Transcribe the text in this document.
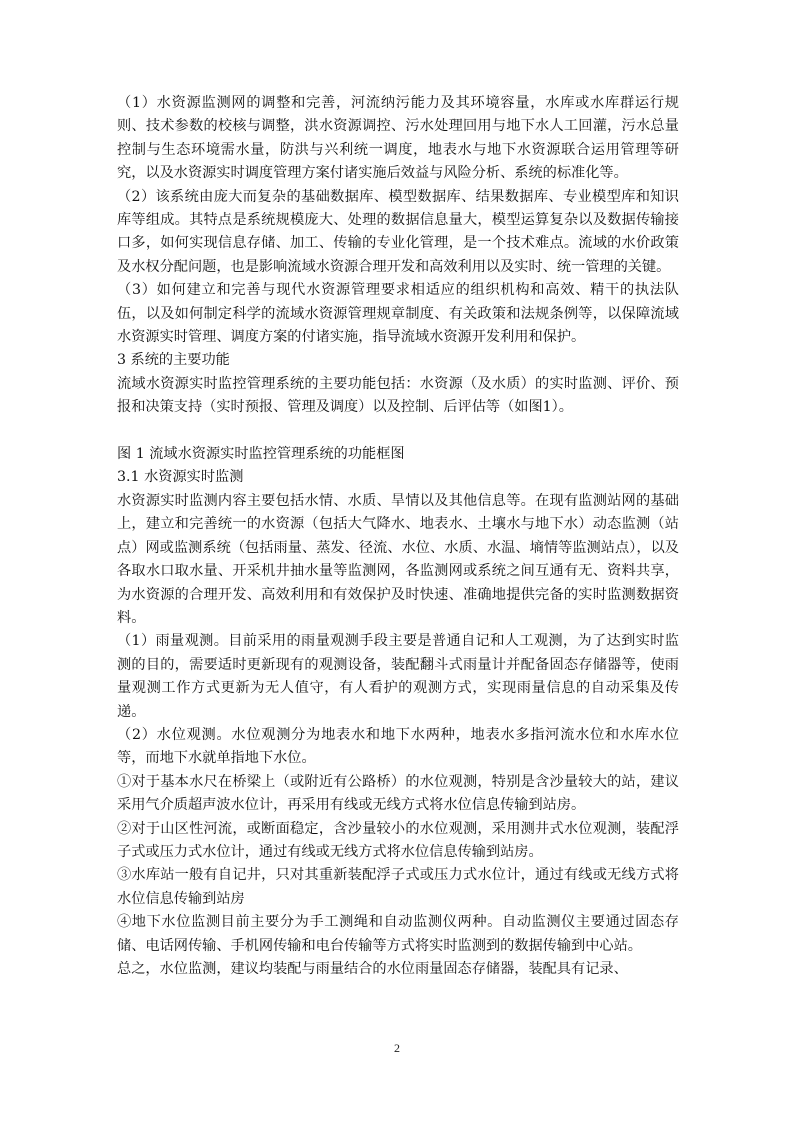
（1）水资源监测网的调整和完善，河流纳污能力及其环境容量，水库或水库群运行规则、技术参数的校核与调整，洪水资源调控、污水处理回用与地下水人工回灌，污水总量控制与生态环境需水量，防洪与兴利统一调度，地表水与地下水资源联合运用管理等研究，以及水资源实时调度管理方案付诸实施后效益与风险分析、系统的标准化等。

（2）该系统由庞大而复杂的基础数据库、模型数据库、结果数据库、专业模型库和知识库等组成。其特点是系统规模庞大、处理的数据信息量大，模型运算复杂以及数据传输接口多，如何实现信息存储、加工、传输的专业化管理，是一个技术难点。流域的水价政策及水权分配问题，也是影响流域水资源合理开发和高效利用以及实时、统一管理的关键。

（3）如何建立和完善与现代水资源管理要求相适应的组织机构和高效、精干的执法队伍，以及如何制定科学的流域水资源管理规章制度、有关政策和法规条例等，以保障流域水资源实时管理、调度方案的付诸实施，指导流域水资源开发利用和保护。

3 系统的主要功能

流域水资源实时监控管理系统的主要功能包括：水资源（及水质）的实时监测、评价、预报和决策支持（实时预报、管理及调度）以及控制、后评估等（如图1）。

图 1 流域水资源实时监控管理系统的功能框图

3.1 水资源实时监测

水资源实时监测内容主要包括水情、水质、旱情以及其他信息等。在现有监测站网的基础上，建立和完善统一的水资源（包括大气降水、地表水、土壤水与地下水）动态监测（站点）网或监测系统（包括雨量、蒸发、径流、水位、水质、水温、墒情等监测站点），以及各取水口取水量、开采机井抽水量等监测网，各监测网或系统之间互通有无、资料共享，为水资源的合理开发、高效利用和有效保护及时快速、准确地提供完备的实时监测数据资料。

（1）雨量观测。目前采用的雨量观测手段主要是普通自记和人工观测，为了达到实时监测的目的，需要适时更新现有的观测设备，装配翻斗式雨量计并配备固态存储器等，使雨量观测工作方式更新为无人值守，有人看护的观测方式，实现雨量信息的自动采集及传递。

（2）水位观测。水位观测分为地表水和地下水两种，地表水多指河流水位和水库水位等，而地下水就单指地下水位。

①对于基本水尺在桥梁上（或附近有公路桥）的水位观测，特别是含沙量较大的站，建议采用气介质超声波水位计，再采用有线或无线方式将水位信息传输到站房。

②对于山区性河流，或断面稳定，含沙量较小的水位观测，采用测井式水位观测，装配浮子式或压力式水位计，通过有线或无线方式将水位信息传输到站房。

③水库站一般有自记井，只对其重新装配浮子式或压力式水位计，通过有线或无线方式将水位信息传输到站房

④地下水位监测目前主要分为手工测绳和自动监测仪两种。自动监测仪主要通过固态存储、电话网传输、手机网传输和电台传输等方式将实时监测到的数据传输到中心站。

总之，水位监测，建议均装配与雨量结合的水位雨量固态存储器，装配具有记录、

2
